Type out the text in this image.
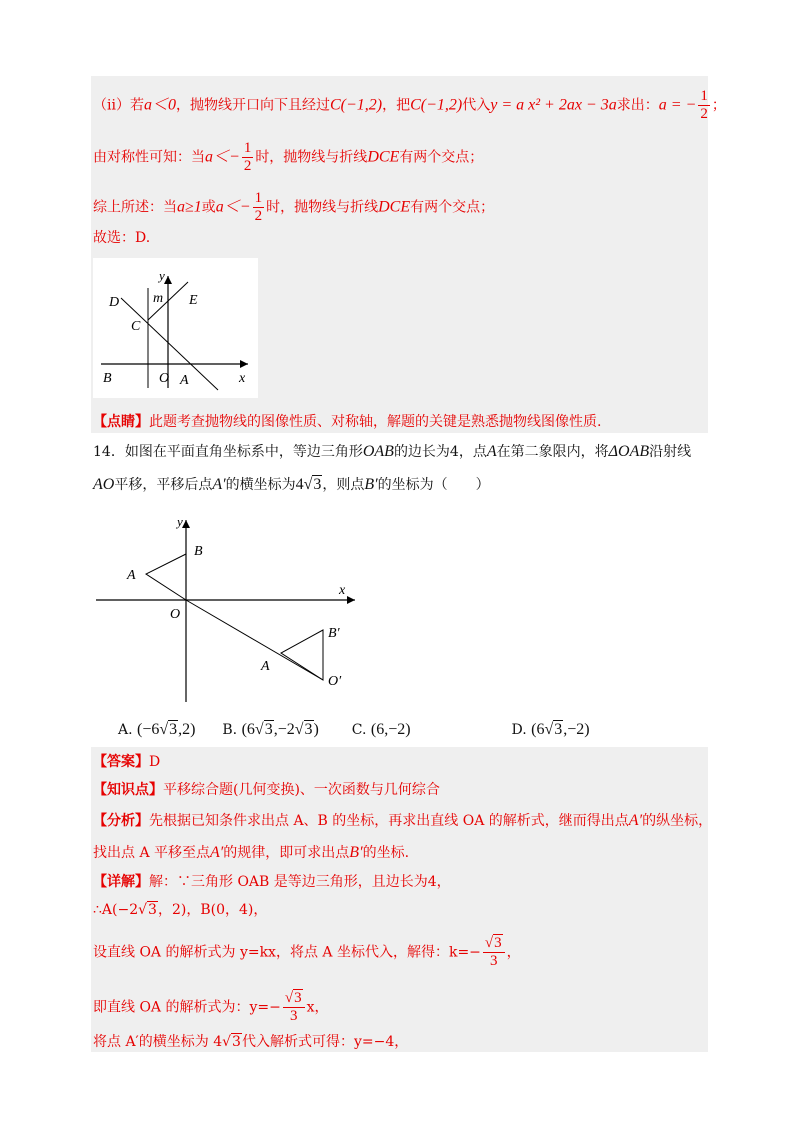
（ii）若a＜0，抛物线开口向下且经过C(−1,2)，把C(−1,2)代入y = a x² + 2ax − 3a求出：a = − $\frac{1}{2}$ ；
由对称性可知：当$a<- \frac{1}{2}$ 时，抛物线与折线DCE有两个交点；
综上所述：当a≥1或$a<- \frac{1}{2}$ 时，抛物线与折线DCE有两个交点；
故选：D.
D m E
C
y
B	O A	x
【点睛】此题考查抛物线的图像性质、对称轴，解题的关键是熟悉抛物线图像性质.
14．如图在平面直角坐标系中，等边三角形OAB的边长为4，点A在第二象限内，将ΔOAB沿射线
AO平移，平移后点A′的横坐标为4√3，则点B′的坐标为（　　）
y
B
A
x
O
B′
A
O′
A. (−6√3,2) B. (6√3,−2√3) C. (6,−2)	D. (6√3,−2)
【答案】D
【知识点】平移综合题(几何变换)、一次函数与几何综合
【分析】先根据已知条件求出点 A、B 的坐标，再求出直线 OA 的解析式，继而得出点A′的纵坐标，
找出点 A 平移至点A′的规律，即可求出点B′的坐标.
【详解】解：∵三角形 OAB 是等边三角形，且边长为4，
∴A(−2√3，2)，B(0，4)，
设直线 OA 的解析式为 y=kx，将点 A 坐标代入，解得：$k=- \frac{√3}{3}$ ，
即直线 OA 的解析式为：$y=- \frac{√3}{3}$ x，
将点 A′的横坐标为 4√3代入解析式可得：y=−4，
